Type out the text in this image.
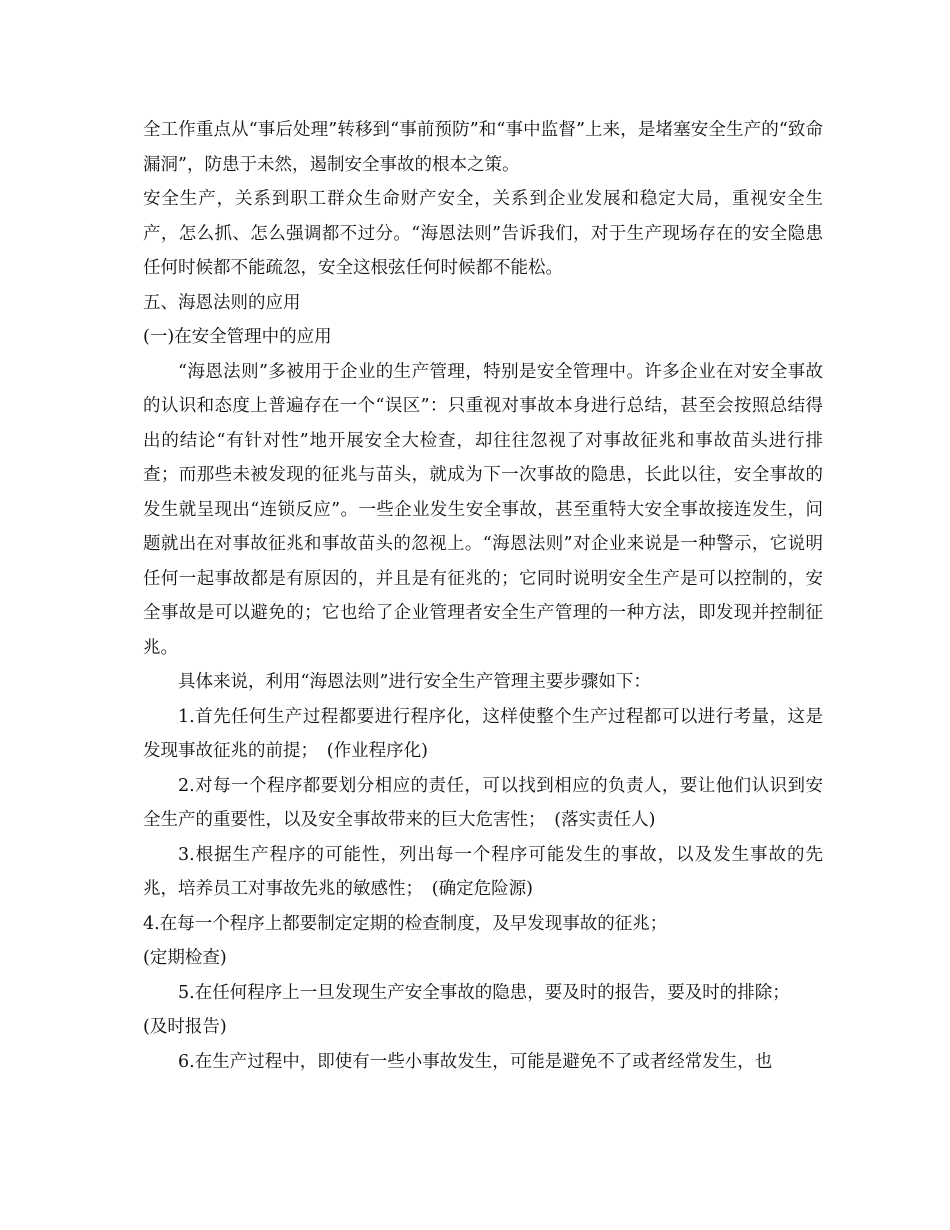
全工作重点从“事后处理”转移到“事前预防”和“事中监督”上来，是堵塞安全生产的“致命漏洞”，防患于未然，遏制安全事故的根本之策。

安全生产，关系到职工群众生命财产安全，关系到企业发展和稳定大局，重视安全生产，怎么抓、怎么强调都不过分。“海恩法则”告诉我们，对于生产现场存在的安全隐患任何时候都不能疏忽，安全这根弦任何时候都不能松。

五、海恩法则的应用

(一)在安全管理中的应用

“海恩法则”多被用于企业的生产管理，特别是安全管理中。许多企业在对安全事故的认识和态度上普遍存在一个“误区”：只重视对事故本身进行总结，甚至会按照总结得出的结论“有针对性”地开展安全大检查，却往往忽视了对事故征兆和事故苗头进行排查；而那些未被发现的征兆与苗头，就成为下一次事故的隐患，长此以往，安全事故的发生就呈现出“连锁反应”。一些企业发生安全事故，甚至重特大安全事故接连发生，问题就出在对事故征兆和事故苗头的忽视上。“海恩法则”对企业来说是一种警示，它说明任何一起事故都是有原因的，并且是有征兆的；它同时说明安全生产是可以控制的，安全事故是可以避免的；它也给了企业管理者安全生产管理的一种方法，即发现并控制征兆。

具体来说，利用“海恩法则”进行安全生产管理主要步骤如下：

1.首先任何生产过程都要进行程序化，这样使整个生产过程都可以进行考量，这是发现事故征兆的前提；　(作业程序化)

2.对每一个程序都要划分相应的责任，可以找到相应的负责人，要让他们认识到安全生产的重要性，以及安全事故带来的巨大危害性；　(落实责任人)

3.根据生产程序的可能性，列出每一个程序可能发生的事故，以及发生事故的先兆，培养员工对事故先兆的敏感性；　(确定危险源)

4.在每一个程序上都要制定定期的检查制度，及早发现事故的征兆；

(定期检查)

5.在任何程序上一旦发现生产安全事故的隐患，要及时的报告，要及时的排除；

(及时报告)

6.在生产过程中，即使有一些小事故发生，可能是避免不了或者经常发生，也
